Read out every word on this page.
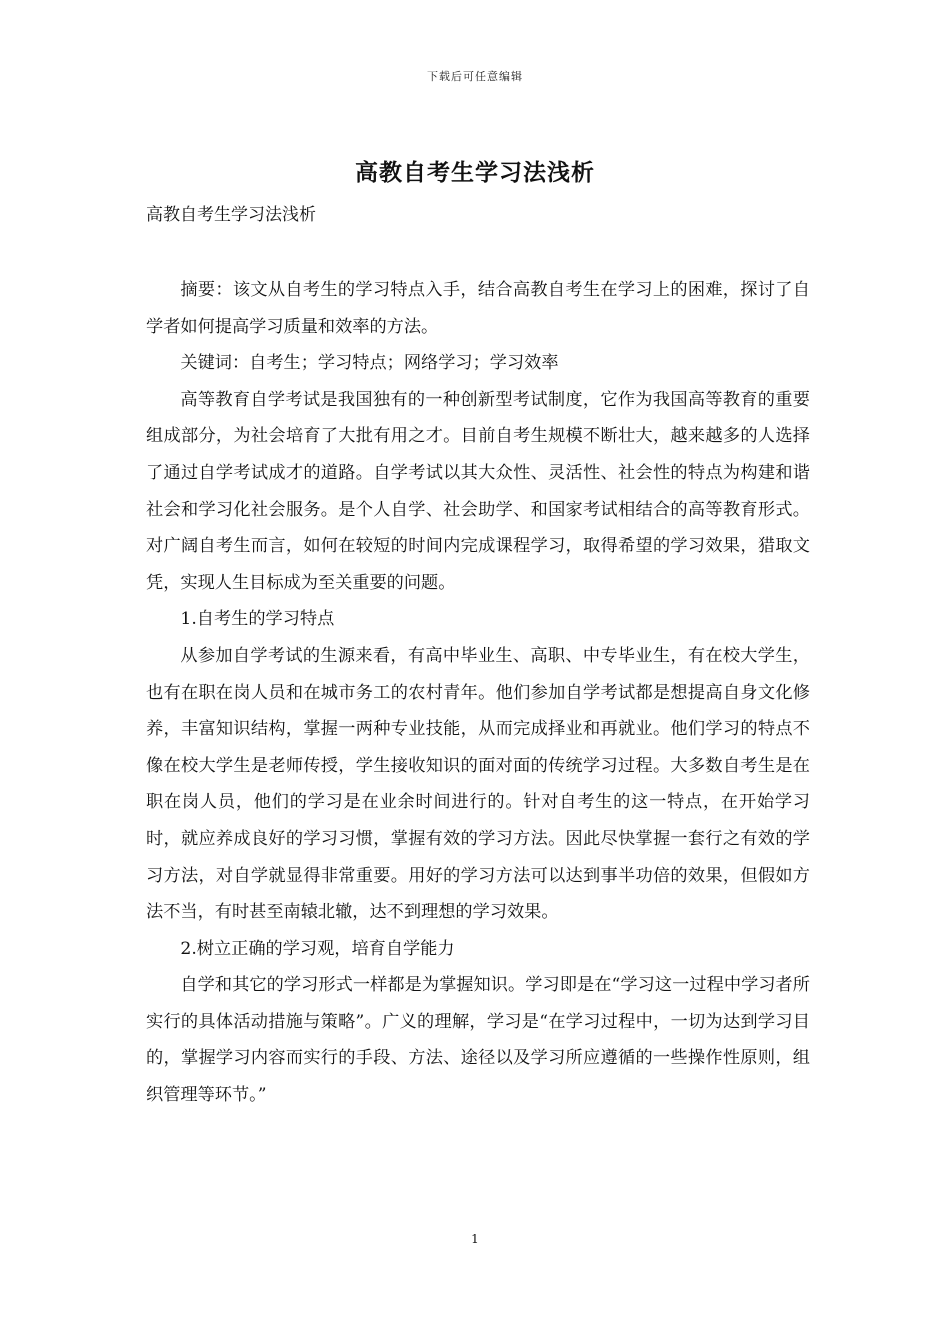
下载后可任意编辑
高教自考生学习法浅析

高教自考生学习法浅析

摘要：该文从自考生的学习特点入手，结合高教自考生在学习上的困难，探讨了自学者如何提高学习质量和效率的方法。

关键词：自考生；学习特点；网络学习；学习效率

高等教育自学考试是我国独有的一种创新型考试制度，它作为我国高等教育的重要组成部分，为社会培育了大批有用之才。目前自考生规模不断壮大，越来越多的人选择了通过自学考试成才的道路。自学考试以其大众性、灵活性、社会性的特点为构建和谐社会和学习化社会服务。是个人自学、社会助学、和国家考试相结合的高等教育形式。对广阔自考生而言，如何在较短的时间内完成课程学习，取得希望的学习效果，猎取文凭，实现人生目标成为至关重要的问题。

1.自考生的学习特点

从参加自学考试的生源来看，有高中毕业生、高职、中专毕业生，有在校大学生，也有在职在岗人员和在城市务工的农村青年。他们参加自学考试都是想提高自身文化修养，丰富知识结构，掌握一两种专业技能，从而完成择业和再就业。他们学习的特点不像在校大学生是老师传授，学生接收知识的面对面的传统学习过程。大多数自考生是在职在岗人员，他们的学习是在业余时间进行的。针对自考生的这一特点，在开始学习时，就应养成良好的学习习惯，掌握有效的学习方法。因此尽快掌握一套行之有效的学习方法，对自学就显得非常重要。用好的学习方法可以达到事半功倍的效果，但假如方法不当，有时甚至南辕北辙，达不到理想的学习效果。

2.树立正确的学习观，培育自学能力

自学和其它的学习形式一样都是为掌握知识。学习即是在“学习这一过程中学习者所实行的具体活动措施与策略”。广义的理解，学习是“在学习过程中，一切为达到学习目的，掌握学习内容而实行的手段、方法、途径以及学习所应遵循的一些操作性原则，组织管理等环节。”

1
